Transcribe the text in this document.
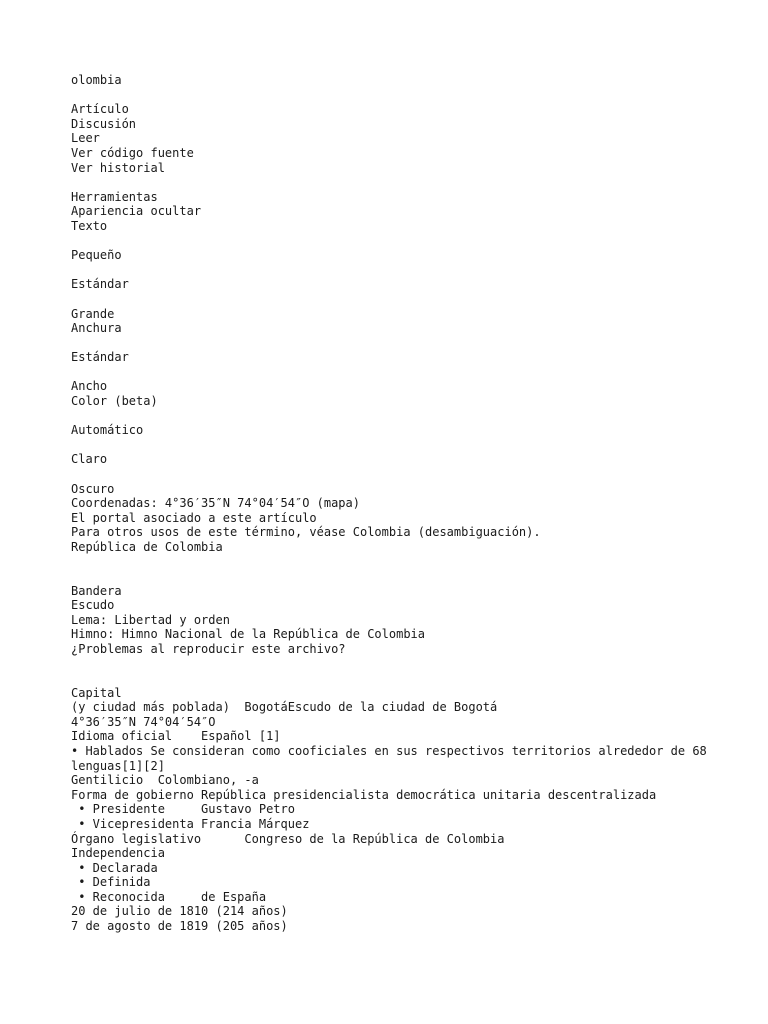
olombia
Artículo
Discusión
Leer
Ver código fuente
Ver historial
Herramientas
Apariencia ocultar
Texto
Pequeño
Estándar
Grande
Anchura
Estándar
Ancho
Color (beta)
Automático
Claro
Oscuro
Coordenadas: 4°36′35″N 74°04′54″O (mapa)
El portal asociado a este artículo
Para otros usos de este término, véase Colombia (desambiguación).
República de Colombia
Bandera
Escudo
Lema: Libertad y orden
Himno: Himno Nacional de la República de Colombia
¿Problemas al reproducir este archivo?
Capital
(y ciudad más poblada)  BogotáEscudo de la ciudad de Bogotá
4°36′35″N 74°04′54″O
Idioma oficial    Español [1]
• Hablados Se consideran como cooficiales en sus respectivos territorios alrededor de 68 lenguas[1][2]
Gentilicio  Colombiano, -a
Forma de gobierno República presidencialista democrática unitaria descentralizada
• Presidente     Gustavo Petro
• Vicepresidenta Francia Márquez
Órgano legislativo      Congreso de la República de Colombia
Independencia
• Declarada
• Definida
• Reconocida     de España
20 de julio de 1810 (214 años)
7 de agosto de 1819 (205 años)
